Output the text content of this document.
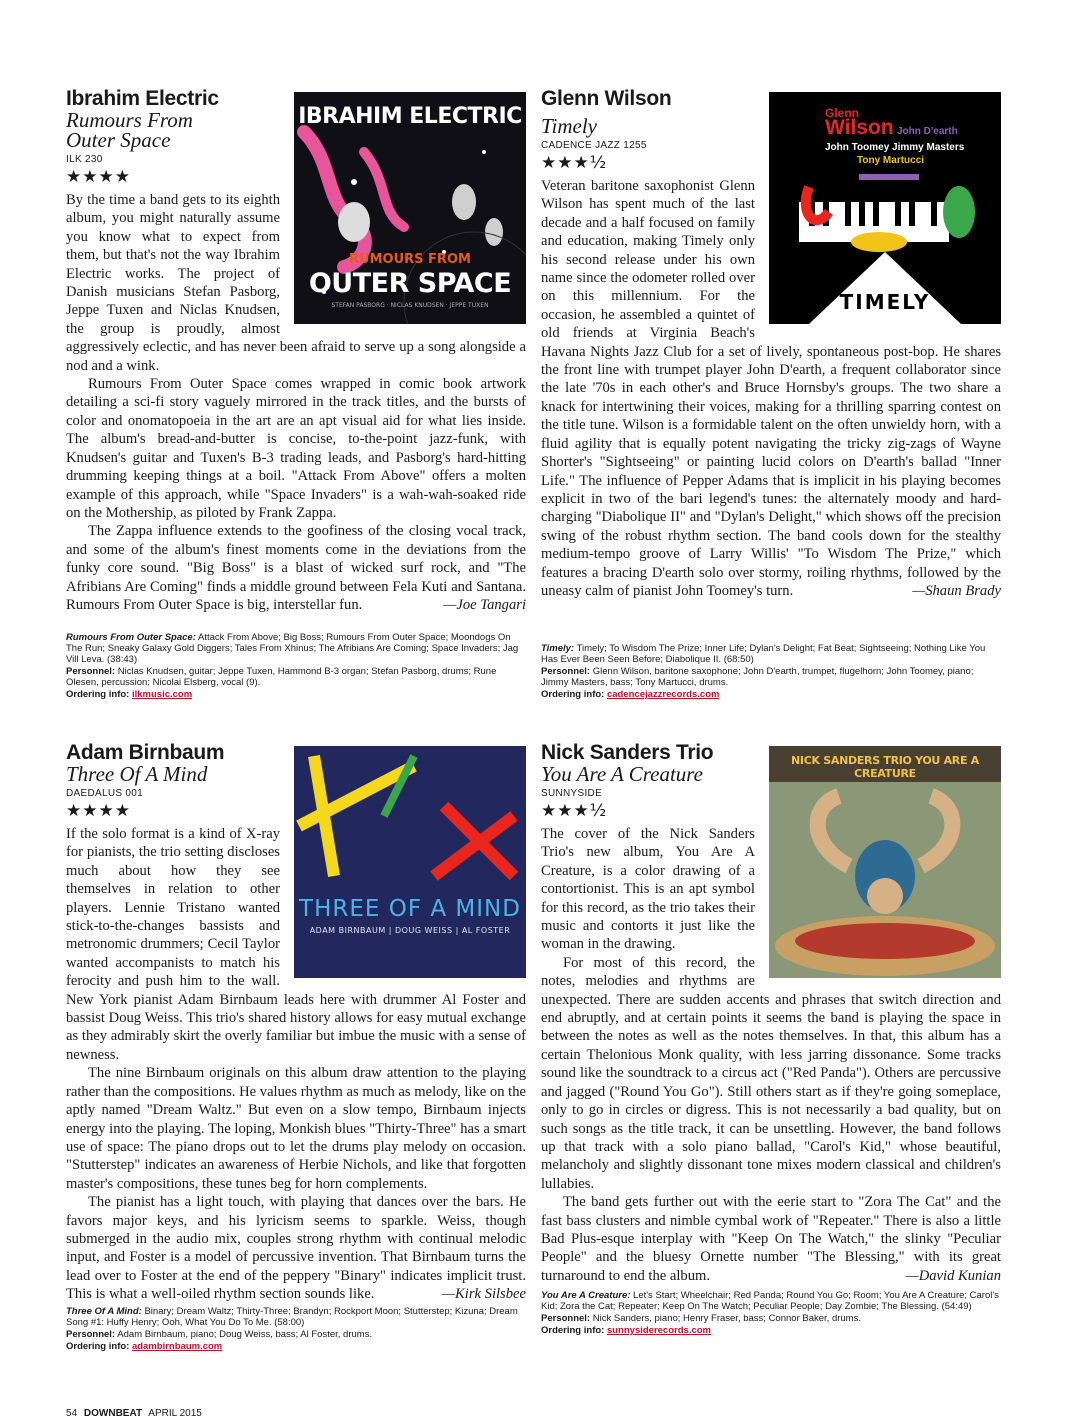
IBRAHIM ELECTRIC
RUMOURS FROM
OUTER SPACE
STEFAN PASBORG · NICLAS KNUDSEN · JEPPE TUXEN
Ibrahim Electric
Rumours From
Outer Space
ILK 230
★★★★

By the time a band gets to its eighth album, you might naturally assume you know what to expect from them, but that's not the way Ibrahim Electric works. The project of Danish musicians Stefan Pasborg, Jeppe Tuxen and Niclas Knudsen, the group is proudly, almost aggressively eclectic, and has never been afraid to serve up a song alongside a nod and a wink.

Rumours From Outer Space comes wrapped in comic book artwork detailing a sci-fi story vaguely mirrored in the track titles, and the bursts of color and onomatopoeia in the art are an apt visual aid for what lies inside. The album's bread-and-butter is concise, to-the-point jazz-funk, with Knudsen's guitar and Tuxen's B-3 trading leads, and Pasborg's hard-hitting drumming keeping things at a boil. "Attack From Above" offers a molten example of this approach, while "Space Invaders" is a wah-wah-soaked ride on the Mothership, as piloted by Frank Zappa.

The Zappa influence extends to the goofiness of the closing vocal track, and some of the album's finest moments come in the deviations from the funky core sound. "Big Boss" is a blast of wicked surf rock, and "The Afribians Are Coming" finds a middle ground between Fela Kuti and Santana. Rumours From Outer Space is big, interstellar fun.	—Joe Tangari

Rumours From Outer Space: Attack From Above; Big Boss; Rumours From Outer Space; Moondogs On The Run; Sneaky Galaxy Gold Diggers; Tales From Xhinus; The Afribians Are Coming; Space Invaders; Jag Vill Leva. (38:43)
Personnel: Niclas Knudsen, guitar; Jeppe Tuxen, Hammond B-3 organ; Stefan Pasborg, drums; Rune Olesen, percussion; Nicolai Elsberg, vocal (9).
Ordering info: ilkmusic.com
Glenn
Wilson John D'earth
John Toomey Jimmy Masters
Tony Martucci
TIMELY
Glenn Wilson
Timely
CADENCE JAZZ 1255
★★★½

Veteran baritone saxophonist Glenn Wilson has spent much of the last decade and a half focused on family and education, making Timely only his second release under his own name since the odometer rolled over on this millennium. For the occasion, he assembled a quintet of old friends at Virginia Beach's Havana Nights Jazz Club for a set of lively, spontaneous post-bop. He shares the front line with trumpet player John D'earth, a frequent collaborator since the late '70s in each other's and Bruce Hornsby's groups. The two share a knack for intertwining their voices, making for a thrilling sparring contest on the title tune. Wilson is a formidable talent on the often unwieldy horn, with a fluid agility that is equally potent navigating the tricky zig-zags of Wayne Shorter's "Sightseeing" or painting lucid colors on D'earth's ballad "Inner Life." The influence of Pepper Adams that is implicit in his playing becomes explicit in two of the bari legend's tunes: the alternately moody and hard-charging "Diabolique II" and "Dylan's Delight," which shows off the precision swing of the robust rhythm section. The band cools down for the stealthy medium-tempo groove of Larry Willis' "To Wisdom The Prize," which features a bracing D'earth solo over stormy, roiling rhythms, followed by the uneasy calm of pianist John Toomey's turn.	—Shaun Brady

Timely: Timely; To Wisdom The Prize; Inner Life; Dylan's Delight; Fat Beat; Sightseeing; Nothing Like You Has Ever Been Seen Before; Diabolique II. (68:50)
Personnel: Glenn Wilson, baritone saxophone; John D'earth, trumpet, flugelhorn; John Toomey, piano; Jimmy Masters, bass; Tony Martucci, drums.
Ordering info: cadencejazzrecords.com
THREE OF A MIND
ADAM BIRNBAUM | DOUG WEISS | AL FOSTER
Adam Birnbaum
Three Of A Mind
DAEDALUS 001
★★★★

If the solo format is a kind of X-ray for pianists, the trio setting discloses much about how they see themselves in relation to other players. Lennie Tristano wanted stick-to-the-changes bassists and metronomic drummers; Cecil Taylor wanted accompanists to match his ferocity and push him to the wall. New York pianist Adam Birnbaum leads here with drummer Al Foster and bassist Doug Weiss. This trio's shared history allows for easy mutual exchange as they admirably skirt the overly familiar but imbue the music with a sense of newness.

The nine Birnbaum originals on this album draw attention to the playing rather than the compositions. He values rhythm as much as melody, like on the aptly named "Dream Waltz." But even on a slow tempo, Birnbaum injects energy into the playing. The loping, Monkish blues "Thirty-Three" has a smart use of space: The piano drops out to let the drums play melody on occasion. "Stutterstep" indicates an awareness of Herbie Nichols, and like that forgotten master's compositions, these tunes beg for horn complements.

The pianist has a light touch, with playing that dances over the bars. He favors major keys, and his lyricism seems to sparkle. Weiss, though submerged in the audio mix, couples strong rhythm with continual melodic input, and Foster is a model of percussive invention. That Birnbaum turns the lead over to Foster at the end of the peppery "Binary" indicates implicit trust. This is what a well-oiled rhythm section sounds like.	—Kirk Silsbee

Three Of A Mind: Binary; Dream Waltz; Thirty-Three; Brandyn; Rockport Moon; Stutterstep; Kizuna; Dream Song #1: Huffy Henry; Ooh, What You Do To Me. (58:00)
Personnel: Adam Birnbaum, piano; Doug Weiss, bass; Al Foster, drums.
Ordering info: adambirnbaum.com
NICK SANDERS TRIO YOU ARE A CREATURE
Nick Sanders Trio
You Are A Creature
SUNNYSIDE
★★★½

The cover of the Nick Sanders Trio's new album, You Are A Creature, is a color drawing of a contortionist. This is an apt symbol for this record, as the trio takes their music and contorts it just like the woman in the drawing.

For most of this record, the notes, melodies and rhythms are unexpected. There are sudden accents and phrases that switch direction and end abruptly, and at certain points it seems the band is playing the space in between the notes as well as the notes themselves. In that, this album has a certain Thelonious Monk quality, with less jarring dissonance. Some tracks sound like the soundtrack to a circus act ("Red Panda"). Others are percussive and jagged ("Round You Go"). Still others start as if they're going someplace, only to go in circles or digress. This is not necessarily a bad quality, but on such songs as the title track, it can be unsettling. However, the band follows up that track with a solo piano ballad, "Carol's Kid," whose beautiful, melancholy and slightly dissonant tone mixes modern classical and children's lullabies.

The band gets further out with the eerie start to "Zora The Cat" and the fast bass clusters and nimble cymbal work of "Repeater." There is also a little Bad Plus-esque interplay with "Keep On The Watch," the slinky "Peculiar People" and the bluesy Ornette number "The Blessing," with its great turnaround to end the album.	—David Kunian

You Are A Creature: Let's Start; Wheelchair; Red Panda; Round You Go; Room; You Are A Creature; Carol's Kid; Zora the Cat; Repeater; Keep On The Watch; Peculiar People; Day Zombie; The Blessing. (54:49)
Personnel: Nick Sanders, piano; Henry Fraser, bass; Connor Baker, drums.
Ordering info: sunnysiderecords.com
54 DOWNBEAT APRIL 2015
